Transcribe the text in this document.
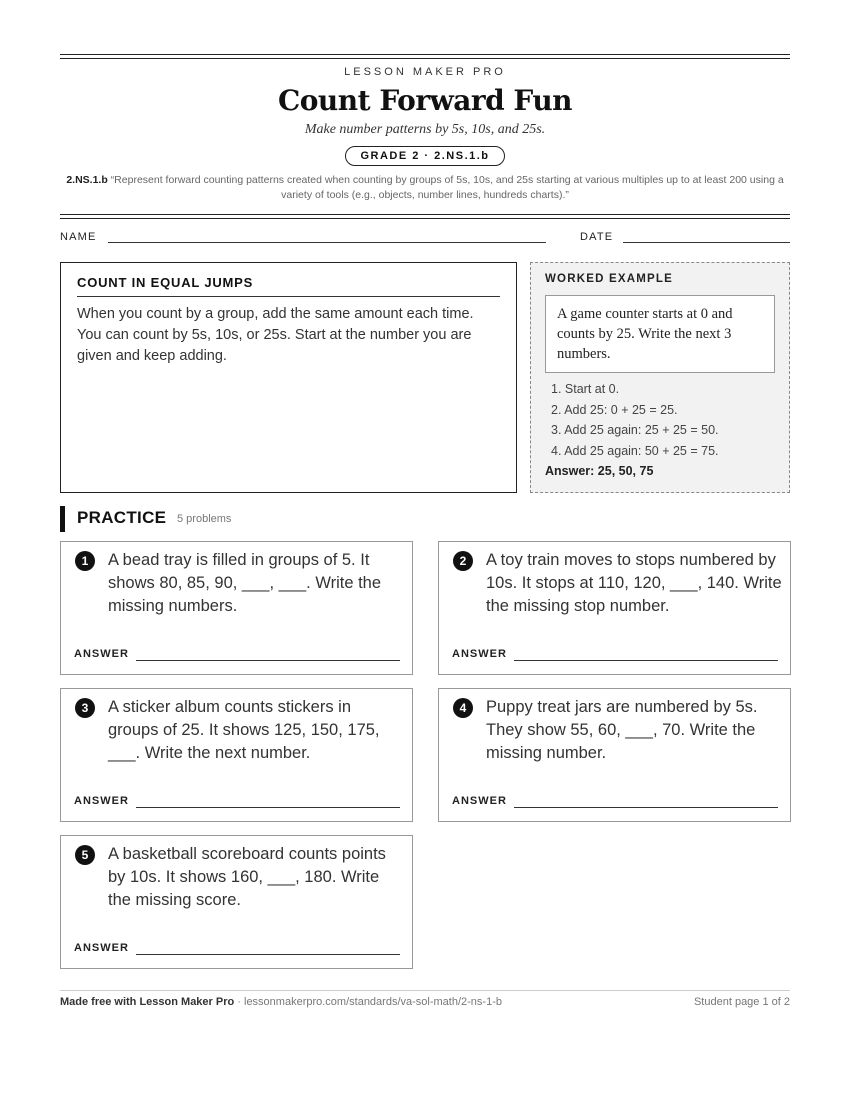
LESSON MAKER PRO
Count Forward Fun
Make number patterns by 5s, 10s, and 25s.
GRADE 2 · 2.NS.1.b
2.NS.1.b “Represent forward counting patterns created when counting by groups of 5s, 10s, and 25s starting at various multiples up to at least 200 using a variety of tools (e.g., objects, number lines, hundreds charts).”
NAME	DATE
COUNT IN EQUAL JUMPS
When you count by a group, add the same amount each time. You can count by 5s, 10s, or 25s. Start at the number you are given and keep adding.
WORKED EXAMPLE
A game counter starts at 0 and counts by 25. Write the next 3 numbers.
1. Start at 0.
2. Add 25: 0 + 25 = 25.
3. Add 25 again: 25 + 25 = 50.
4. Add 25 again: 50 + 25 = 75.
Answer: 25, 50, 75
PRACTICE 5 problems
1	A bead tray is filled in groups of 5. It shows 80, 85, 90, ___, ___. Write the missing numbers.
ANSWER
2	A toy train moves to stops numbered by 10s. It stops at 110, 120, ___, 140. Write the missing stop number.
ANSWER
3	A sticker album counts stickers in groups of 25. It shows 125, 150, 175, ___. Write the next number.
ANSWER
4	Puppy treat jars are numbered by 5s. They show 55, 60, ___, 70. Write the missing number.
ANSWER
5	A basketball scoreboard counts points by 10s. It shows 160, ___, 180. Write the missing score.
ANSWER
Made free with Lesson Maker Pro · lessonmakerpro.com/standards/va-sol-math/2-ns-1-b	Student page 1 of 2
